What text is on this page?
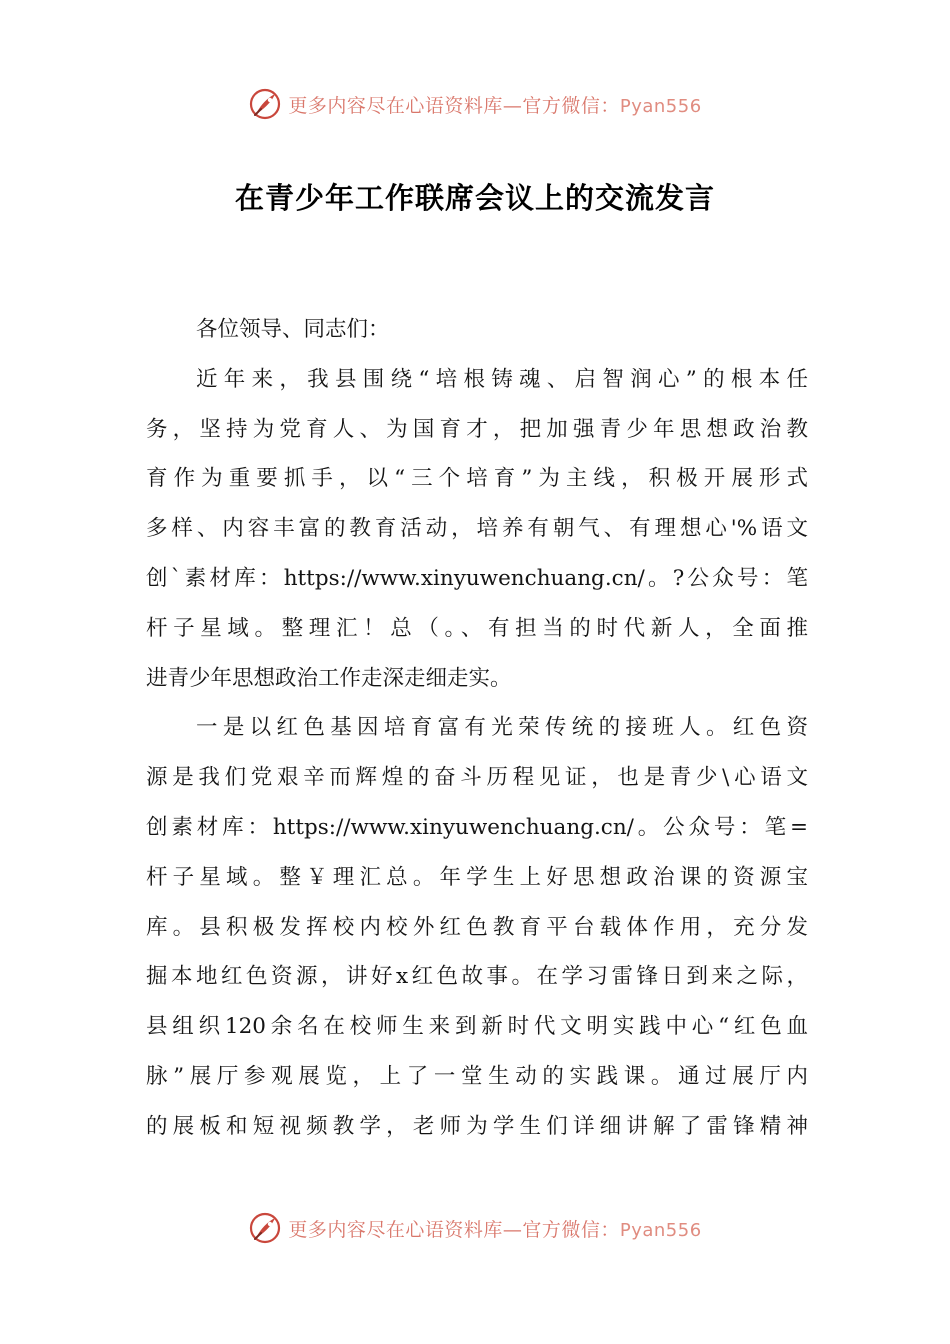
更多内容尽在心语资料库—官方微信：Pyan556
在青少年工作联席会议上的交流发言
各位领导、同志们：
近年来，我县围绕“培根铸魂、启智润心”的根本任
务，坚持为党育人、为国育才，把加强青少年思想政治教
育作为重要抓手，以“三个培育”为主线，积极开展形式
多样、内容丰富的教育活动，培养有朝气、有理想心'%语文
创`素材库：https://www.xinyuwenchuang.cn/。?公众号：笔
杆子星域。整理汇！总（。、有担当的时代新人，全面推
进青少年思想政治工作走深走细走实。
一是以红色基因培育富有光荣传统的接班人。红色资
源是我们党艰辛而辉煌的奋斗历程见证，也是青少\心语文
创素材库：https://www.xinyuwenchuang.cn/。公众号：笔=
杆子星域。整￥理汇总。年学生上好思想政治课的资源宝
库。县积极发挥校内校外红色教育平台载体作用，充分发
掘本地红色资源，讲好x红色故事。在学习雷锋日到来之际，
县组织120余名在校师生来到新时代文明实践中心“红色血
脉”展厅参观展览，上了一堂生动的实践课。通过展厅内
的展板和短视频教学，老师为学生们详细讲解了雷锋精神
更多内容尽在心语资料库—官方微信：Pyan556
